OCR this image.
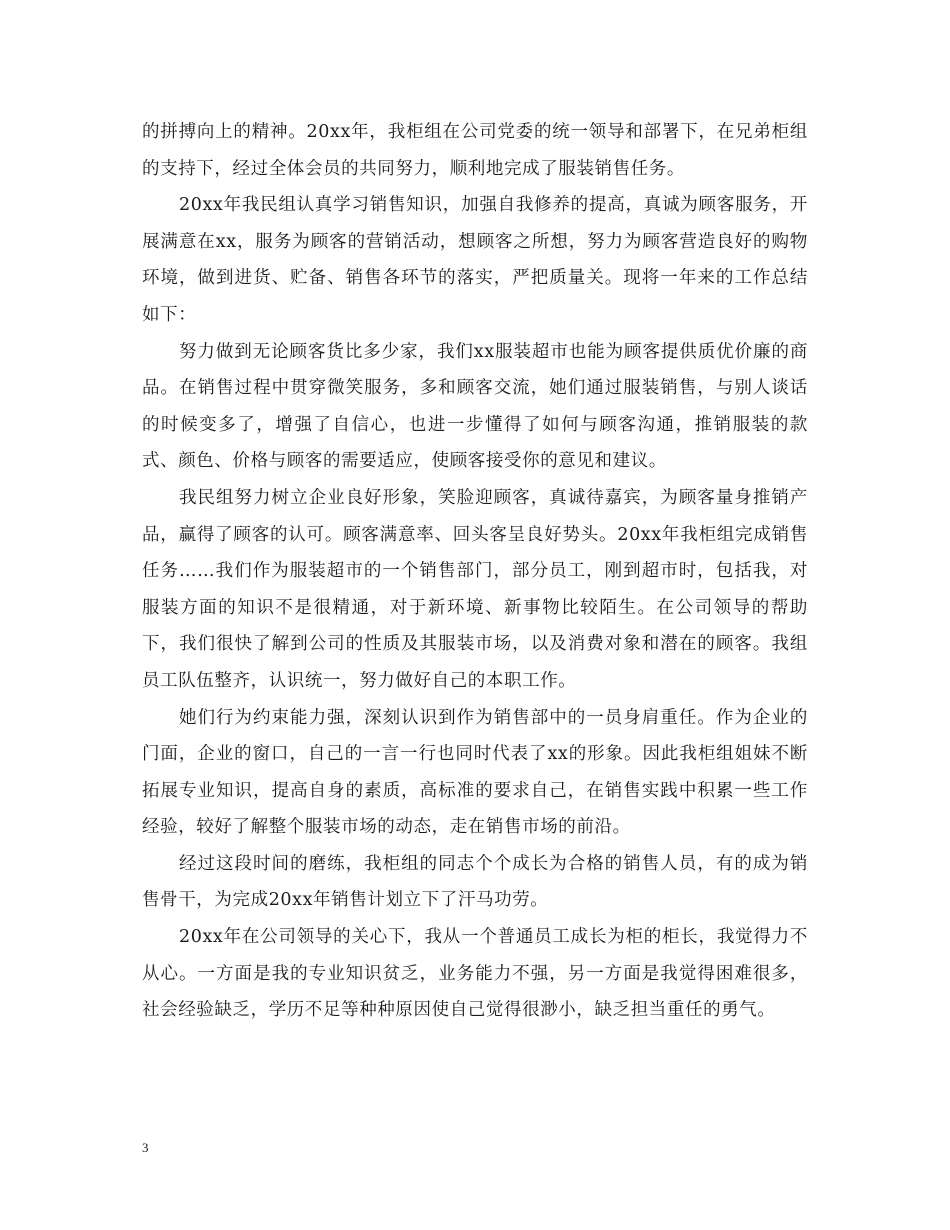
的拼搏向上的精神。20xx年，我柜组在公司党委的统一领导和部署下，在兄弟柜组的支持下，经过全体会员的共同努力，顺利地完成了服装销售任务。

20xx年我民组认真学习销售知识，加强自我修养的提高，真诚为顾客服务，开展满意在xx，服务为顾客的营销活动，想顾客之所想，努力为顾客营造良好的购物环境，做到进货、贮备、销售各环节的落实，严把质量关。现将一年来的工作总结如下：

努力做到无论顾客货比多少家，我们xx服装超市也能为顾客提供质优价廉的商品。在销售过程中贯穿微笑服务，多和顾客交流，她们通过服装销售，与别人谈话的时候变多了，增强了自信心，也进一步懂得了如何与顾客沟通，推销服装的款式、颜色、价格与顾客的需要适应，使顾客接受你的意见和建议。

我民组努力树立企业良好形象，笑脸迎顾客，真诚待嘉宾，为顾客量身推销产品，赢得了顾客的认可。顾客满意率、回头客呈良好势头。20xx年我柜组完成销售任务……我们作为服装超市的一个销售部门，部分员工，刚到超市时，包括我，对服装方面的知识不是很精通，对于新环境、新事物比较陌生。在公司领导的帮助下，我们很快了解到公司的性质及其服装市场，以及消费对象和潜在的顾客。我组员工队伍整齐，认识统一，努力做好自己的本职工作。

她们行为约束能力强，深刻认识到作为销售部中的一员身肩重任。作为企业的门面，企业的窗口，自己的一言一行也同时代表了xx的形象。因此我柜组姐妹不断拓展专业知识，提高自身的素质，高标准的要求自己，在销售实践中积累一些工作经验，较好了解整个服装市场的动态，走在销售市场的前沿。

经过这段时间的磨练，我柜组的同志个个成长为合格的销售人员，有的成为销售骨干，为完成20xx年销售计划立下了汗马功劳。

20xx年在公司领导的关心下，我从一个普通员工成长为柜的柜长，我觉得力不从心。一方面是我的专业知识贫乏，业务能力不强，另一方面是我觉得困难很多，社会经验缺乏，学历不足等种种原因使自己觉得很渺小，缺乏担当重任的勇气。

3
